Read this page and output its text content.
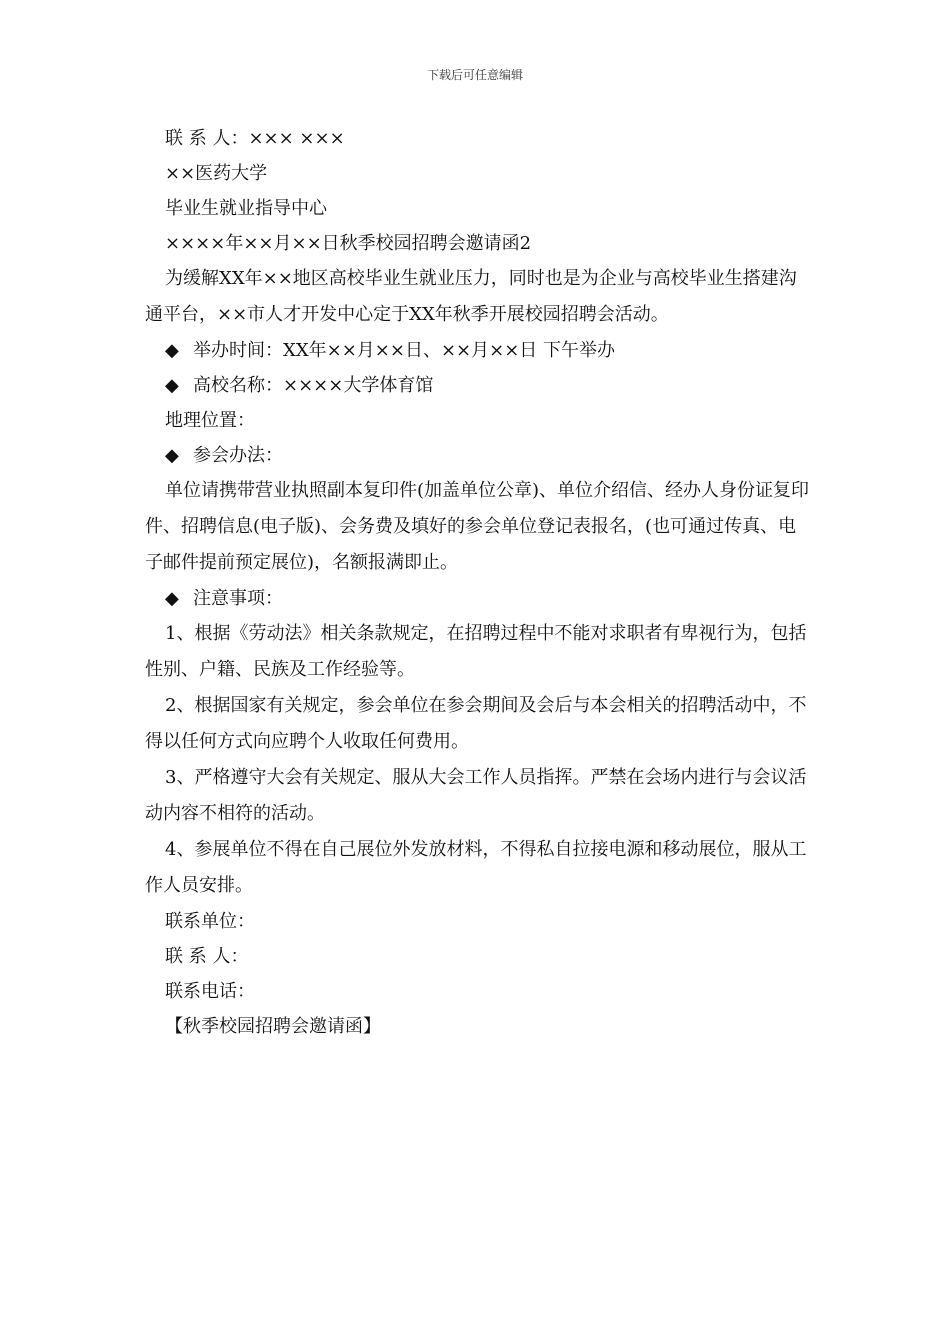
下载后可任意编辑

联 系 人：××× ×××

××医药大学

毕业生就业指导中心

××××年××月××日秋季校园招聘会邀请函2

为缓解XX年××地区高校毕业生就业压力，同时也是为企业与高校毕业生搭建沟通平台，××市人才开发中心定于XX年秋季开展校园招聘会活动。

◆ 举办时间：XX年××月××日、××月××日 下午举办

◆ 高校名称：××××大学体育馆

地理位置：

◆ 参会办法：

单位请携带营业执照副本复印件(加盖单位公章)、单位介绍信、经办人身份证复印件、招聘信息(电子版)、会务费及填好的参会单位登记表报名，(也可通过传真、电子邮件提前预定展位)，名额报满即止。

◆ 注意事项：

1、根据《劳动法》相关条款规定，在招聘过程中不能对求职者有卑视行为，包括性别、户籍、民族及工作经验等。

2、根据国家有关规定，参会单位在参会期间及会后与本会相关的招聘活动中，不得以任何方式向应聘个人收取任何费用。

3、严格遵守大会有关规定、服从大会工作人员指挥。严禁在会场内进行与会议活动内容不相符的活动。

4、参展单位不得在自己展位外发放材料，不得私自拉接电源和移动展位，服从工作人员安排。

联系单位：

联 系 人：

联系电话：

【秋季校园招聘会邀请函】
